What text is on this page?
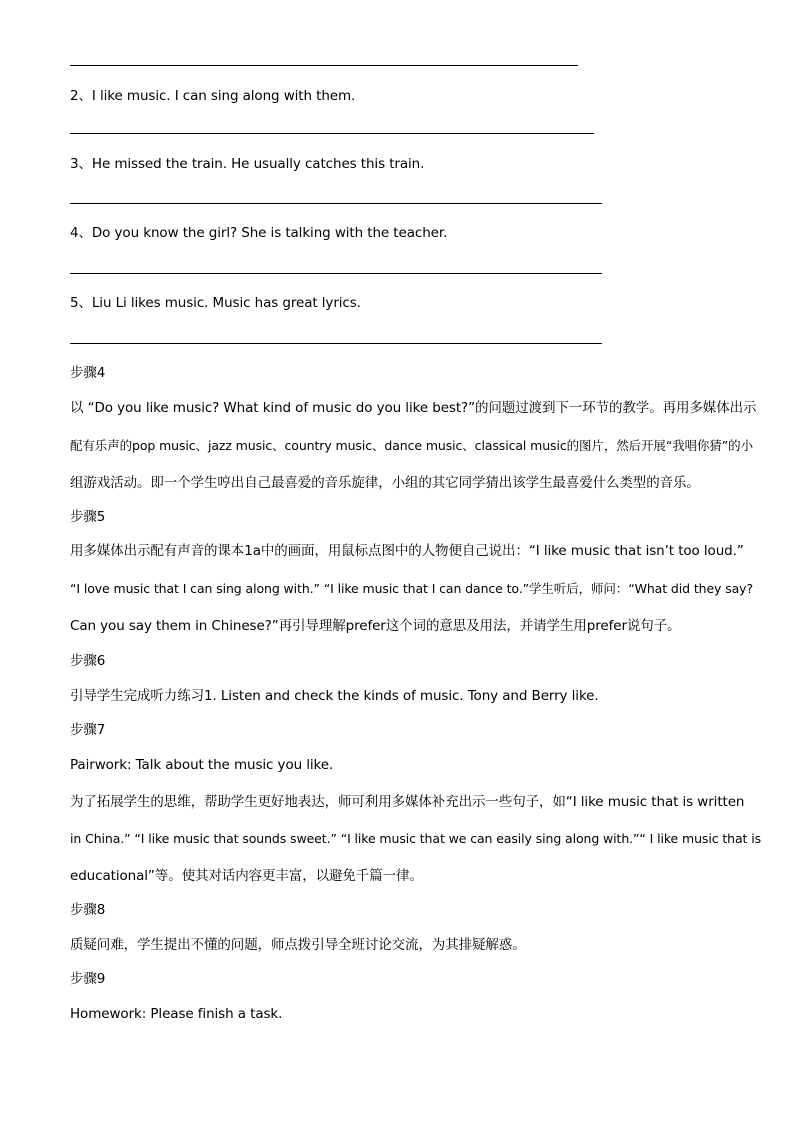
2、I like music. I can sing along with them.
3、He missed the train. He usually catches this train.
4、Do you know the girl? She is talking with the teacher.
5、Liu Li likes music. Music has great lyrics.
步骤4
以 “Do you like music? What kind of music do you like best?”的问题过渡到下一环节的教学。再用多媒体出示
配有乐声的pop music、jazz music、country music、dance music、classical music的图片，然后开展“我唱你猜”的小
组游戏活动。即一个学生哼出自己最喜爱的音乐旋律，小组的其它同学猜出该学生最喜爱什么类型的音乐。
步骤5
用多媒体出示配有声音的课本1a中的画面，用鼠标点图中的人物便自己说出：“I like music that isn’t too loud.”
“I love music that I can sing along with.” “I like music that I can dance to.”学生听后，师问：“What did they say?
Can you say them in Chinese?”再引导理解prefer这个词的意思及用法，并请学生用prefer说句子。
步骤6
引导学生完成听力练习1. Listen and check the kinds of music. Tony and Berry like.
步骤7
Pairwork: Talk about the music you like.
为了拓展学生的思维，帮助学生更好地表达，师可利用多媒体补充出示一些句子，如“I like music that is written
in China.” “I like music that sounds sweet.” “I like music that we can easily sing along with.”“ I like music that is
educational”等。使其对话内容更丰富，以避免千篇一律。
步骤8
质疑问难，学生提出不懂的问题，师点拨引导全班讨论交流，为其排疑解惑。
步骤9
Homework: Please finish a task.
